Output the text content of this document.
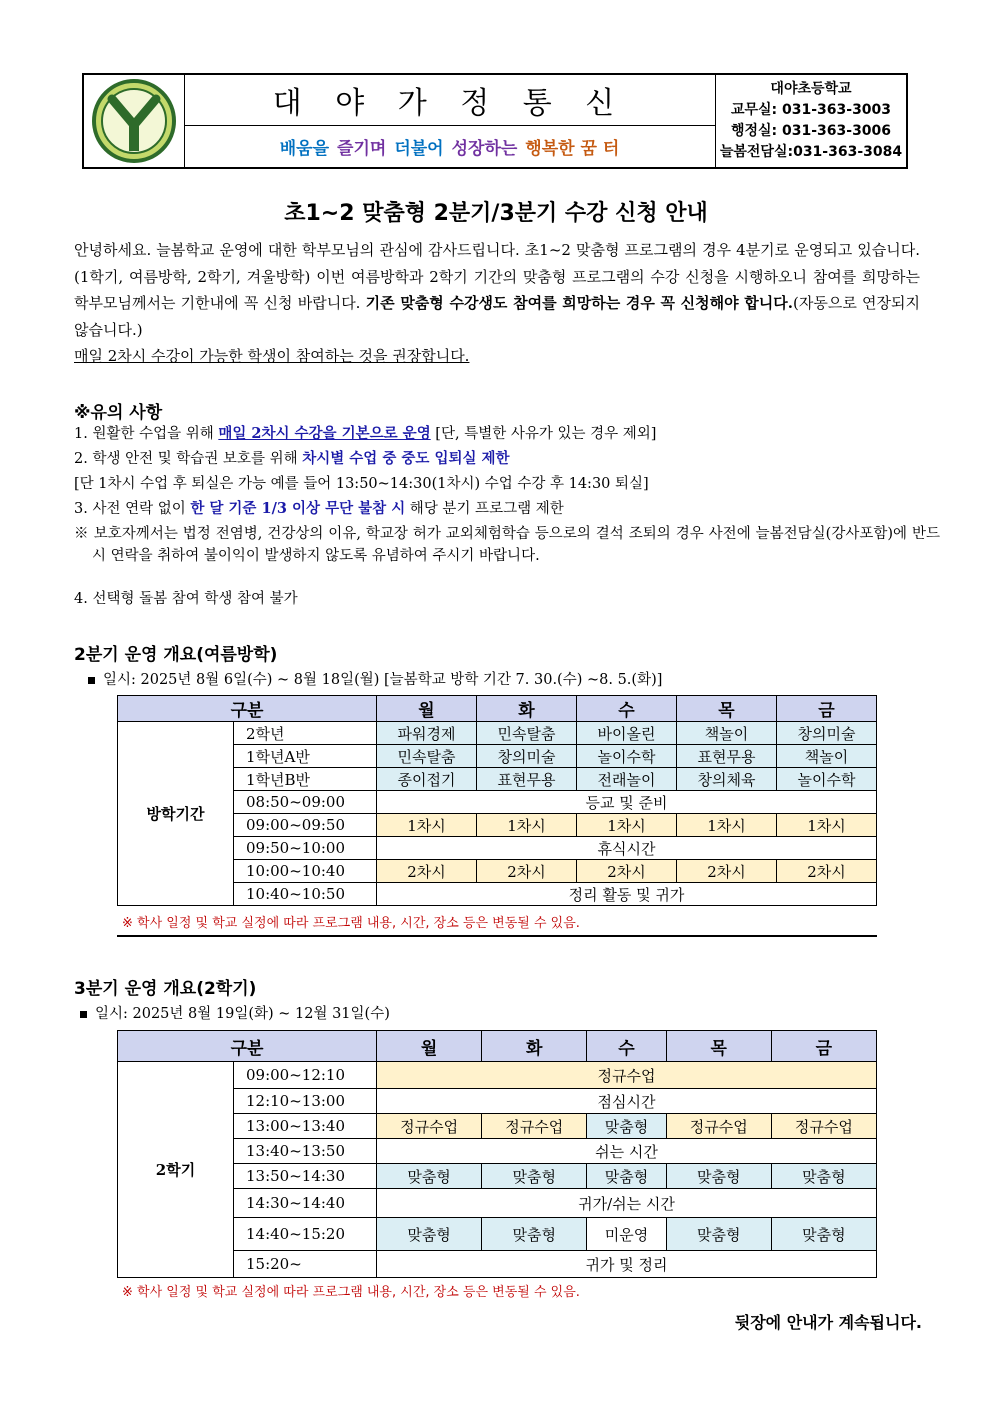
대 야 가 정 통 신
배움을 즐기며 더불어 성장하는 행복한 꿈 터
대야초등학교
교무실: 031-363-3003
행정실: 031-363-3006
늘봄전담실:031-363-3084
초1~2 맞춤형 2분기/3분기 수강 신청 안내
안녕하세요. 늘봄학교 운영에 대한 학부모님의 관심에 감사드립니다. 초1~2 맞춤형 프로그램의 경우 4분기로 운영되고 있습니다.(1학기, 여름방학, 2학기, 겨울방학) 이번 여름방학과 2학기 기간의 맞춤형 프로그램의 수강 신청을 시행하오니 참여를 희망하는 학부모님께서는 기한내에 꼭 신청 바랍니다. 기존 맞춤형 수강생도 참여를 희망하는 경우 꼭 신청해야 합니다.(자동으로 연장되지 않습니다.)
매일 2차시 수강이 가능한 학생이 참여하는 것을 권장합니다.
※유의 사항
1. 원활한 수업을 위해 매일 2차시 수강을 기본으로 운영 [단, 특별한 사유가 있는 경우 제외]
2. 학생 안전 및 학습권 보호를 위해 차시별 수업 중 중도 입퇴실 제한
[단 1차시 수업 후 퇴실은 가능 예를 들어 13:50~14:30(1차시) 수업 수강 후 14:30 퇴실]
3. 사전 연락 없이 한 달 기준 1/3 이상 무단 불참 시 해당 분기 프로그램 제한
※ 보호자께서는 법정 전염병, 건강상의 이유, 학교장 허가 교외체험학습 등으로의 결석 조퇴의 경우 사전에 늘봄전담실(강사포함)에 반드시 연락을 취하여 불이익이 발생하지 않도록 유념하여 주시기 바랍니다.
4. 선택형 돌봄 참여 학생 참여 불가
2분기 운영 개요(여름방학)
일시: 2025년 8월 6일(수) ~ 8월 18일(월) [늘봄학교 방학 기간 7. 30.(수) ~8. 5.(화)]
구분		월	화	수	목	금
방학기간	2학년	파워경제	민속탈춤	바이올린	책놀이	창의미술
	1학년A반	민속탈춤	창의미술	놀이수학	표현무용	책놀이
	1학년B반	종이접기	표현무용	전래놀이	창의체육	놀이수학
	08:50~09:00	등교 및 준비				
	09:00~09:50	1차시	1차시	1차시	1차시	1차시
	09:50~10:00	휴식시간				
	10:00~10:40	2차시	2차시	2차시	2차시	2차시
	10:40~10:50	정리 활동 및 귀가				
※ 학사 일정 및 학교 실정에 따라 프로그램 내용, 시간, 장소 등은 변동될 수 있음.
3분기 운영 개요(2학기)
일시: 2025년 8월 19일(화) ~ 12월 31일(수)
구분		월	화	수	목	금
2학기	09:00~12:10	정규수업				
	12:10~13:00	점심시간				
	13:00~13:40	정규수업	정규수업	맞춤형	정규수업	정규수업
	13:40~13:50	쉬는 시간				
	13:50~14:30	맞춤형	맞춤형	맞춤형	맞춤형	맞춤형
	14:30~14:40	귀가/쉬는 시간				
	14:40~15:20	맞춤형	맞춤형	미운영	맞춤형	맞춤형
	15:20~	귀가 및 정리				
※ 학사 일정 및 학교 실정에 따라 프로그램 내용, 시간, 장소 등은 변동될 수 있음.
뒷장에 안내가 계속됩니다.
